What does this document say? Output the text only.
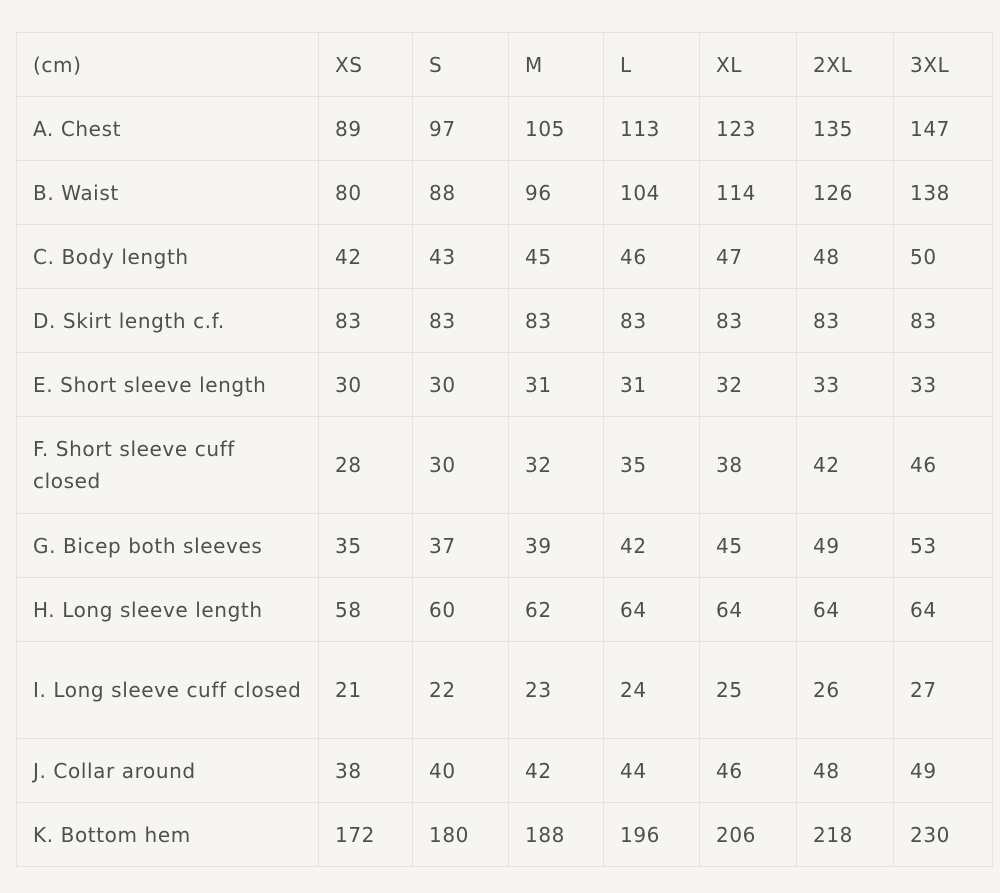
(cm)	XS	S	M	L	XL	2XL	3XL
A. Chest	89	97	105	113	123	135	147
B. Waist	80	88	96	104	114	126	138
C. Body length	42	43	45	46	47	48	50
D. Skirt length c.f.	83	83	83	83	83	83	83
E. Short sleeve length	30	30	31	31	32	33	33
F. Short sleeve cuff closed	28	30	32	35	38	42	46
G. Bicep both sleeves	35	37	39	42	45	49	53
H. Long sleeve length	58	60	62	64	64	64	64
I. Long sleeve cuff closed	21	22	23	24	25	26	27
J. Collar around	38	40	42	44	46	48	49
K. Bottom hem	172	180	188	196	206	218	230
